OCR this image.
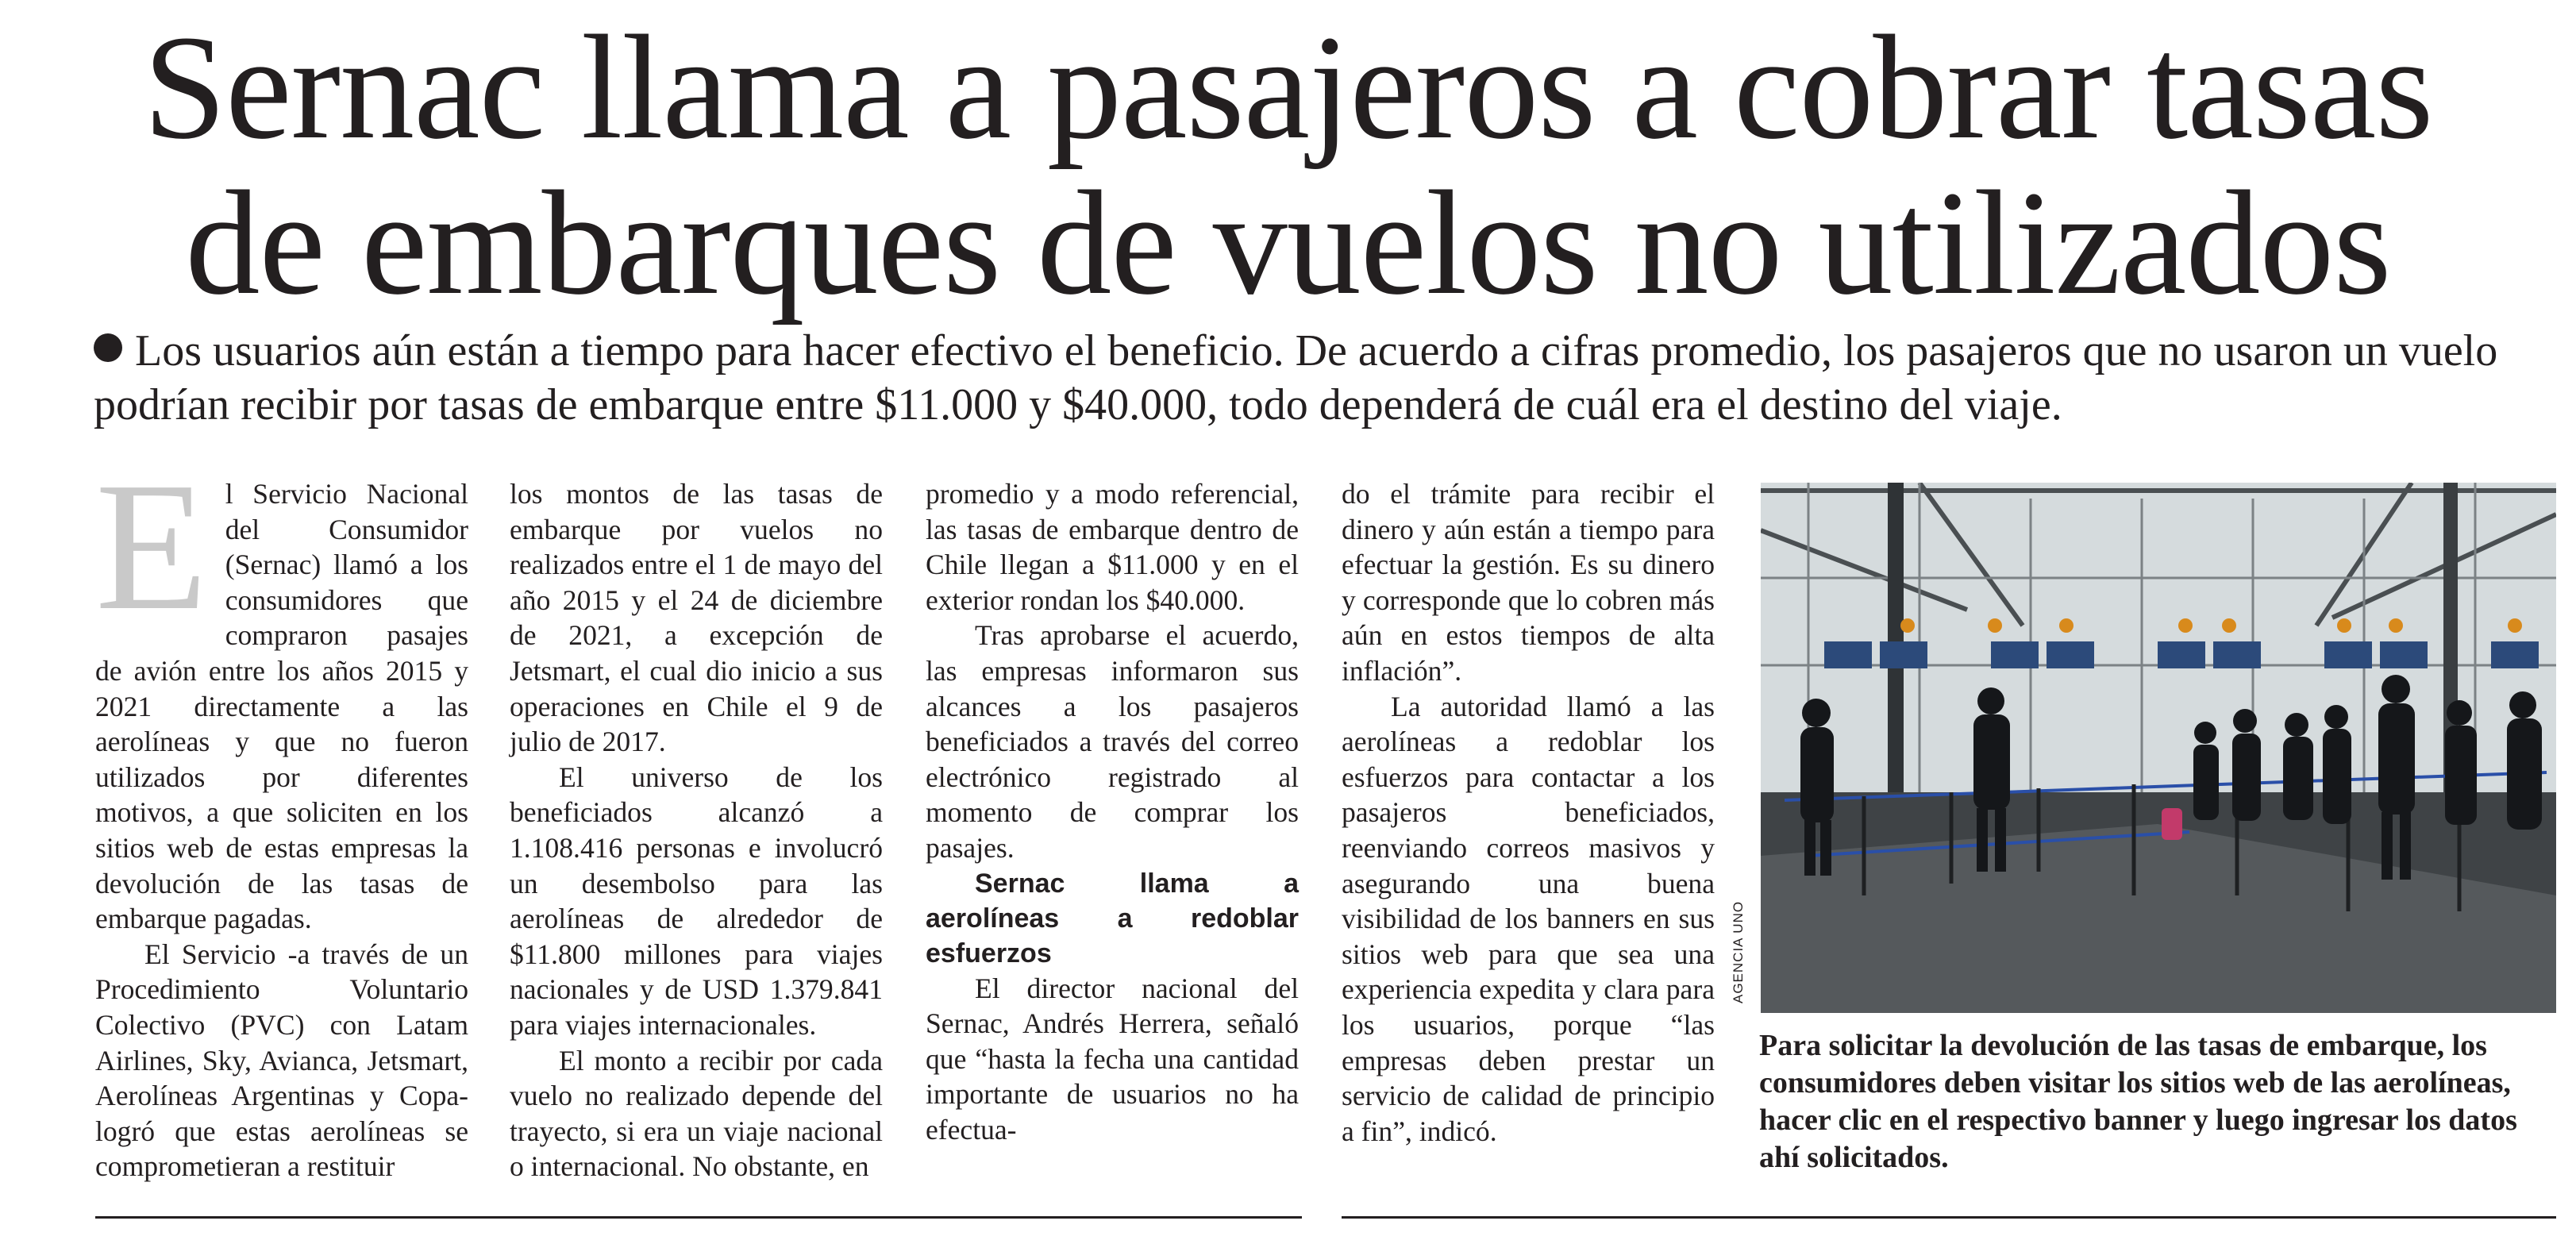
Sernac llama a pasajeros a cobrar tasas
de embarques de vuelos no utilizados
Los usuarios aún están a tiempo para hacer efectivo el beneficio. De acuerdo a cifras promedio, los pasajeros que no usaron un vuelo podrían recibir por tasas de embarque entre $11.000 y $40.000, todo dependerá de cuál era el destino del viaje.
E l Servicio Nacional del Consumidor (Sernac) llamó a los consumidores que compraron pasajes de avión entre los años 2015 y 2021 directamente a las aerolíneas y que no fueron utilizados por diferentes motivos, a que soliciten en los sitios web de estas empresas la devolución de las tasas de embarque pagadas.

El Servicio -a través de un Procedimiento Voluntario Colectivo (PVC) con Latam Airlines, Sky, Avianca, Jetsmart, Aerolíneas Argentinas y Copa- logró que estas aerolíneas se comprometieran a restituir

los montos de las tasas de embarque por vuelos no realizados entre el 1 de mayo del año 2015 y el 24 de diciembre de 2021, a excepción de Jetsmart, el cual dio inicio a sus operaciones en Chile el 9 de julio de 2017.

El universo de los beneficiados alcanzó a 1.108.416 personas e involucró un desembolso para las aerolíneas de alrededor de $11.800 millones para viajes nacionales y de USD 1.379.841 para viajes internacionales.

El monto a recibir por cada vuelo no realizado depende del trayecto, si era un viaje nacional o internacional. No obstante, en

promedio y a modo referencial, las tasas de embarque dentro de Chile llegan a $11.000 y en el exterior rondan los $40.000.

Tras aprobarse el acuerdo, las empresas informaron sus alcances a los pasajeros beneficiados a través del correo electrónico registrado al momento de comprar los pasajes.

Sernac llama a aerolíneas a redoblar esfuerzos

El director nacional del Sernac, Andrés Herrera, señaló que “hasta la fecha una cantidad importante de usuarios no ha efectua-

do el trámite para recibir el dinero y aún están a tiempo para efectuar la gestión. Es su dinero y corresponde que lo cobren más aún en estos tiempos de alta inflación”.

La autoridad llamó a las aerolíneas a redoblar los esfuerzos para contactar a los pasajeros beneficiados, reenviando correos masivos y asegurando una buena visibilidad de los banners en sus sitios web para que sea una experiencia expedita y clara para los usuarios, porque “las empresas deben prestar un servicio de calidad de principio a fin”, indicó.

AGENCIA UNO
Para solicitar la devolución de las tasas de embarque, los consumidores deben visitar los sitios web de las aerolíneas, hacer clic en el respectivo banner y luego ingresar los datos ahí solicitados.
